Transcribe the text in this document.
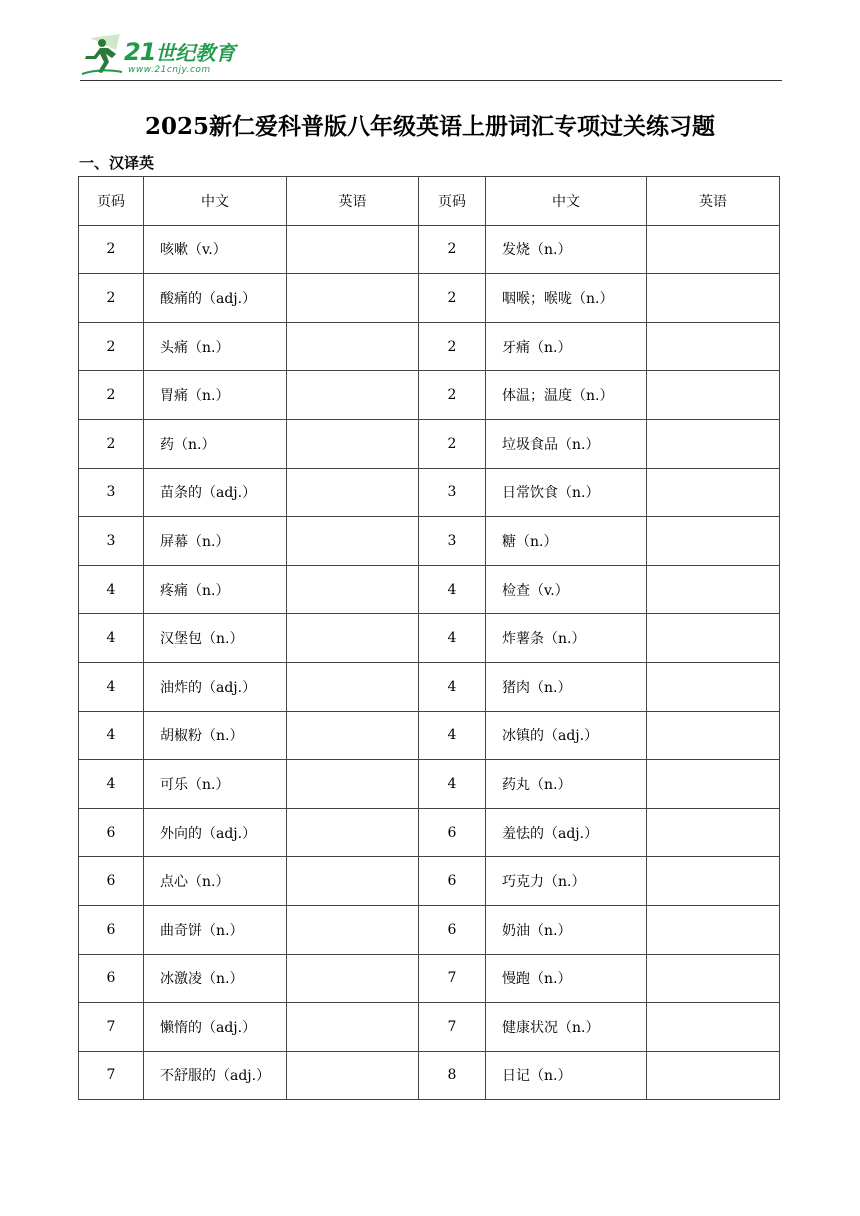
21世纪教育
www.21cnjy.com
2025新仁爱科普版八年级英语上册词汇专项过关练习题
一、汉译英
页码	中文	英语	页码	中文	英语
2	咳嗽（v.）		2	发烧（n.）	
2	酸痛的（adj.）		2	咽喉；喉咙（n.）	
2	头痛（n.）		2	牙痛（n.）	
2	胃痛（n.）		2	体温；温度（n.）	
2	药（n.）		2	垃圾食品（n.）	
3	苗条的（adj.）		3	日常饮食（n.）	
3	屏幕（n.）		3	糖（n.）	
4	疼痛（n.）		4	检查（v.）	
4	汉堡包（n.）		4	炸薯条（n.）	
4	油炸的（adj.）		4	猪肉（n.）	
4	胡椒粉（n.）		4	冰镇的（adj.）	
4	可乐（n.）		4	药丸（n.）	
6	外向的（adj.）		6	羞怯的（adj.）	
6	点心（n.）		6	巧克力（n.）	
6	曲奇饼（n.）		6	奶油（n.）	
6	冰激凌（n.）		7	慢跑（n.）	
7	懒惰的（adj.）		7	健康状况（n.）	
7	不舒服的（adj.）		8	日记（n.）	
